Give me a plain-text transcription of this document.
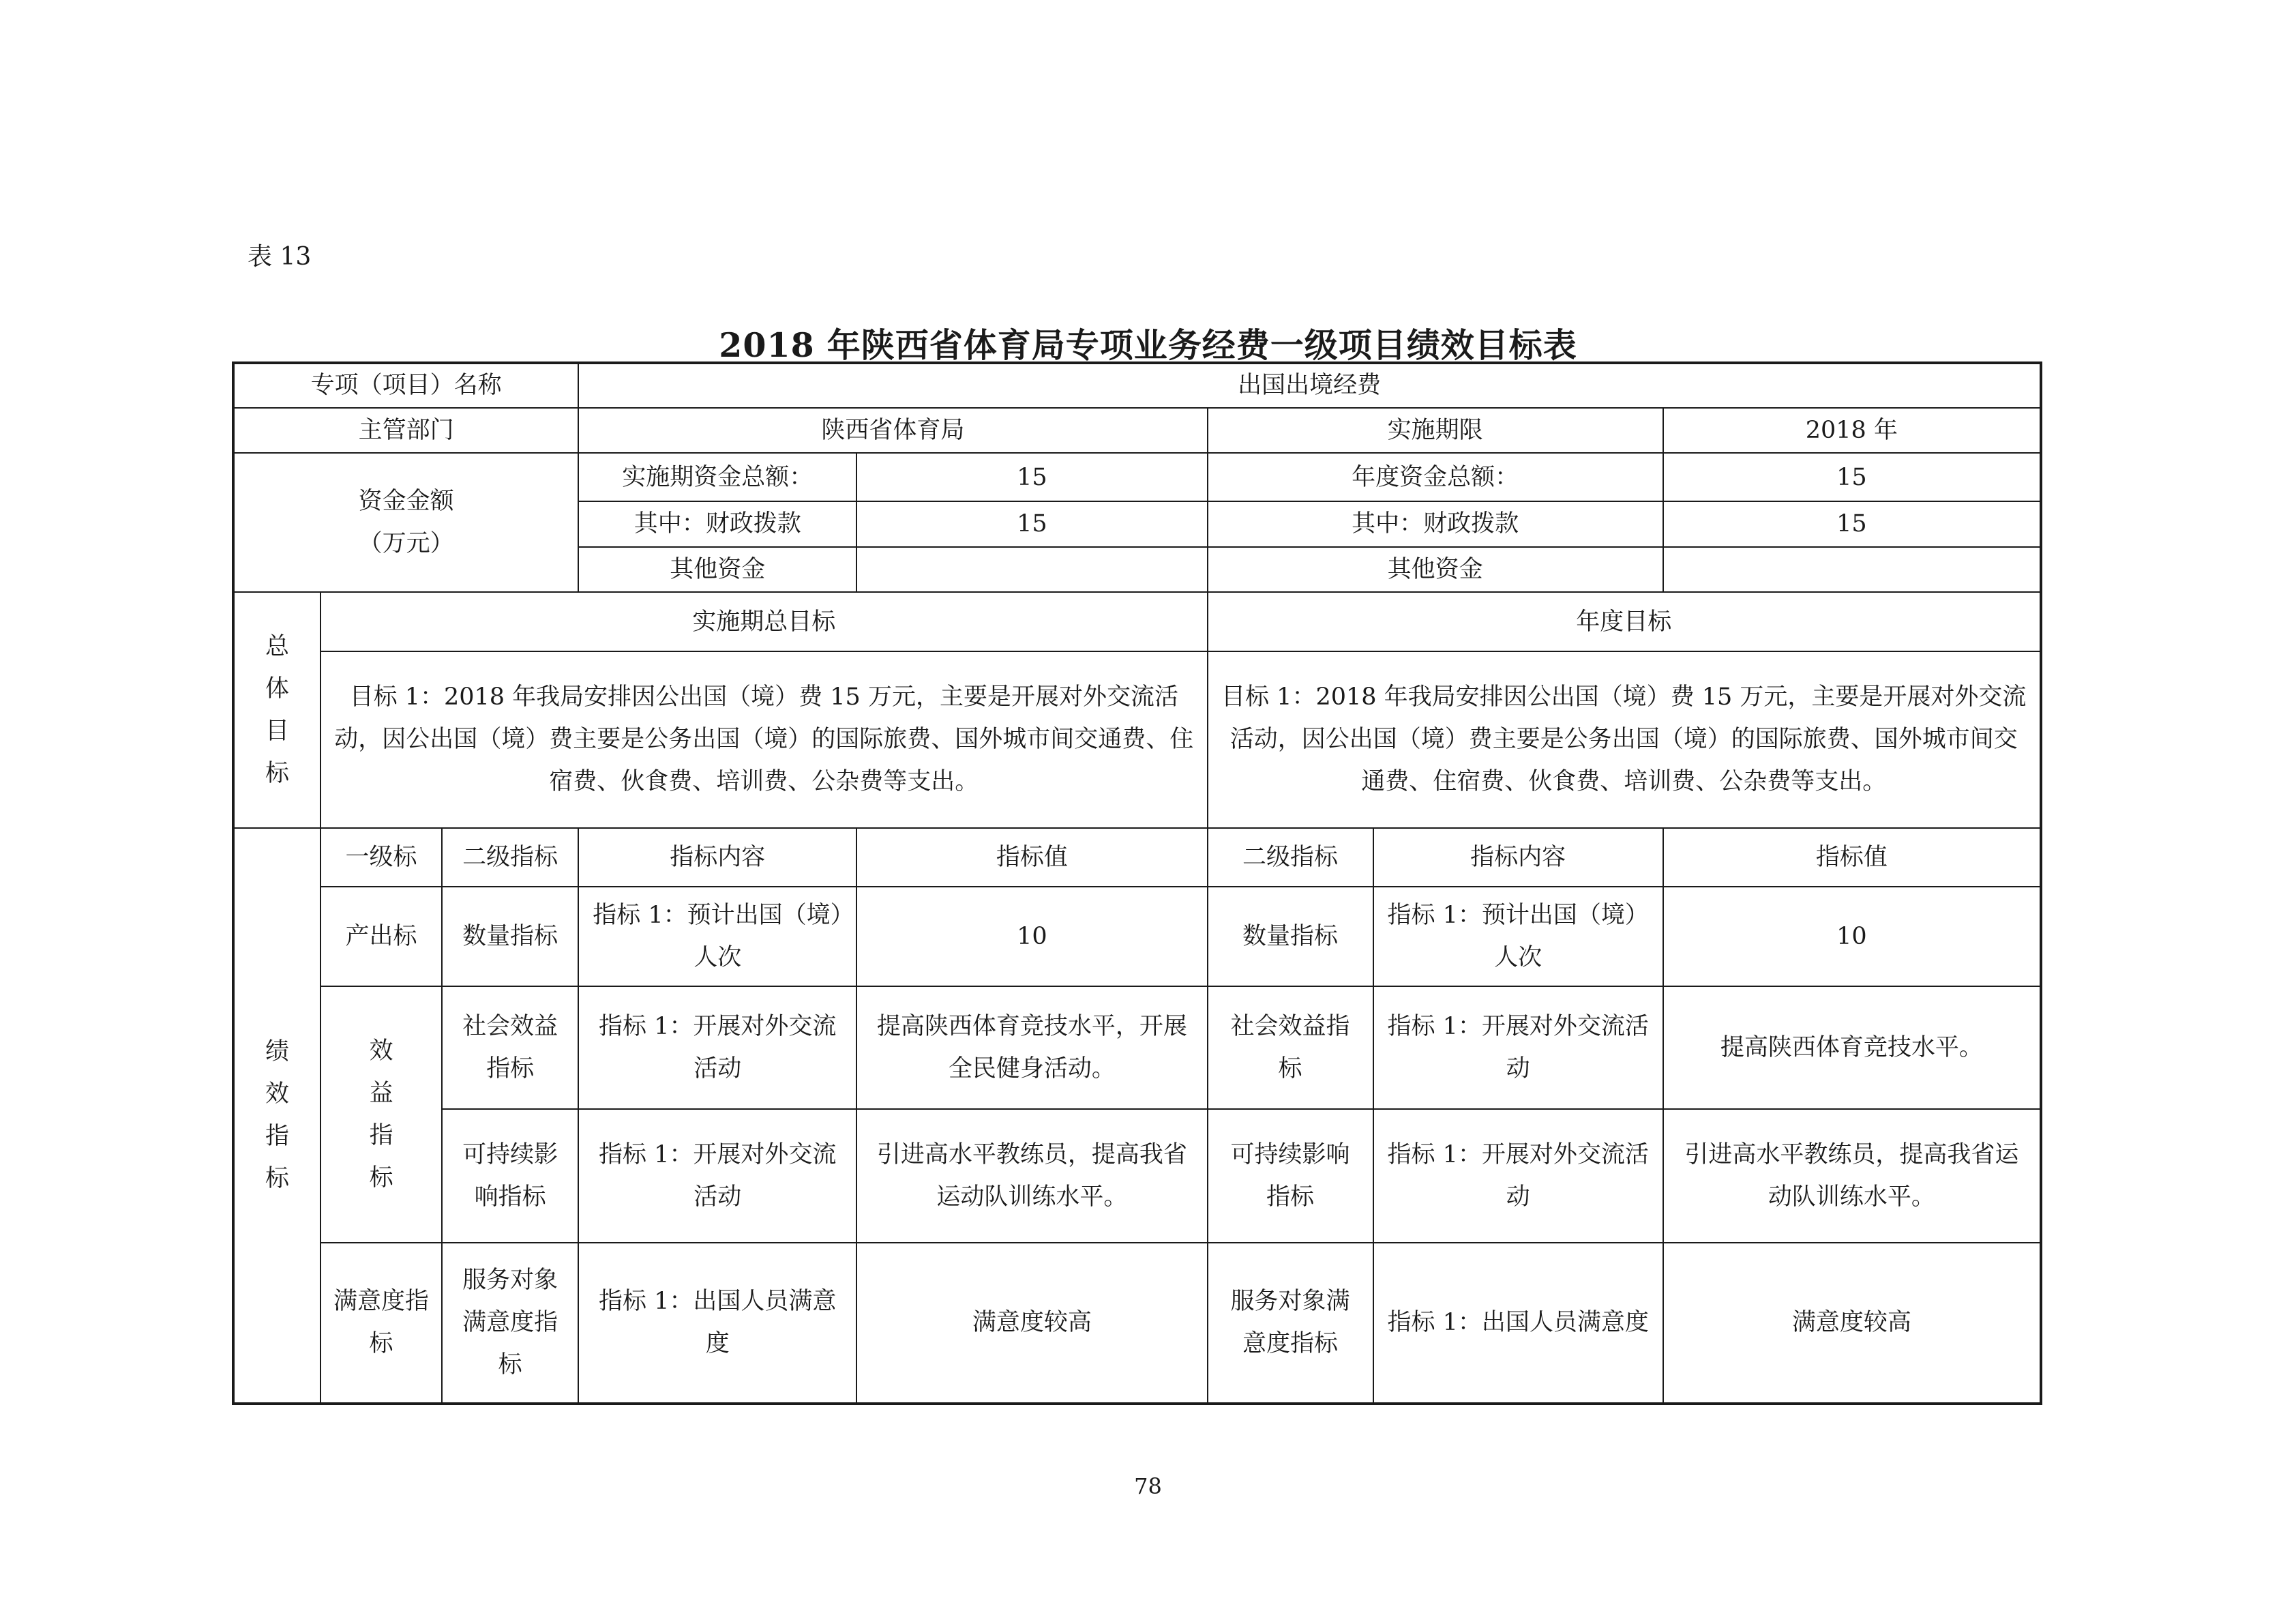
表 13
2018 年陕西省体育局专项业务经费一级项目绩效目标表
专项（项目）名称			出国出境经费				
主管部门			陕西省体育局		实施期限		2018 年

资金金额
（万元）			实施期资金总额：	15	年度资金总额：		15
			其中：财政拨款	15	其中：财政拨款		15
			其他资金		其他资金		

总体目标	实施期总目标				年度目标		
	目标 1：2018 年我局安排因公出国（境）费 15 万元，主要是开展对外交流活动，因公出国（境）费主要是公务出国（境）的国际旅费、国外城市间交通费、住宿费、伙食费、培训费、公杂费等支出。				目标 1：2018 年我局安排因公出国（境）费 15 万元，主要是开展对外交流活动，因公出国（境）费主要是公务出国（境）的国际旅费、国外城市间交通费、住宿费、伙食费、培训费、公杂费等支出。		

绩效指标	一级标	二级指标	指标内容	指标值	二级指标	指标内容	指标值
	产出标	数量指标	指标 1：预计出国（境）人次	10	数量指标	指标 1：预计出国（境）人次	10

	效益指标	社会效益指标	指标 1：开展对外交流活动	提高陕西体育竞技水平，开展全民健身活动。	社会效益指标	指标 1：开展对外交流活动	提高陕西体育竞技水平。
		可持续影响指标	指标 1：开展对外交流活动	引进高水平教练员，提高我省运动队训练水平。	可持续影响指标	指标 1：开展对外交流活动	引进高水平教练员，提高我省运动队训练水平。
	满意度指标	服务对象满意度指标	指标 1：出国人员满意度	满意度较高	服务对象满意度指标	指标 1：出国人员满意度	满意度较高
78
